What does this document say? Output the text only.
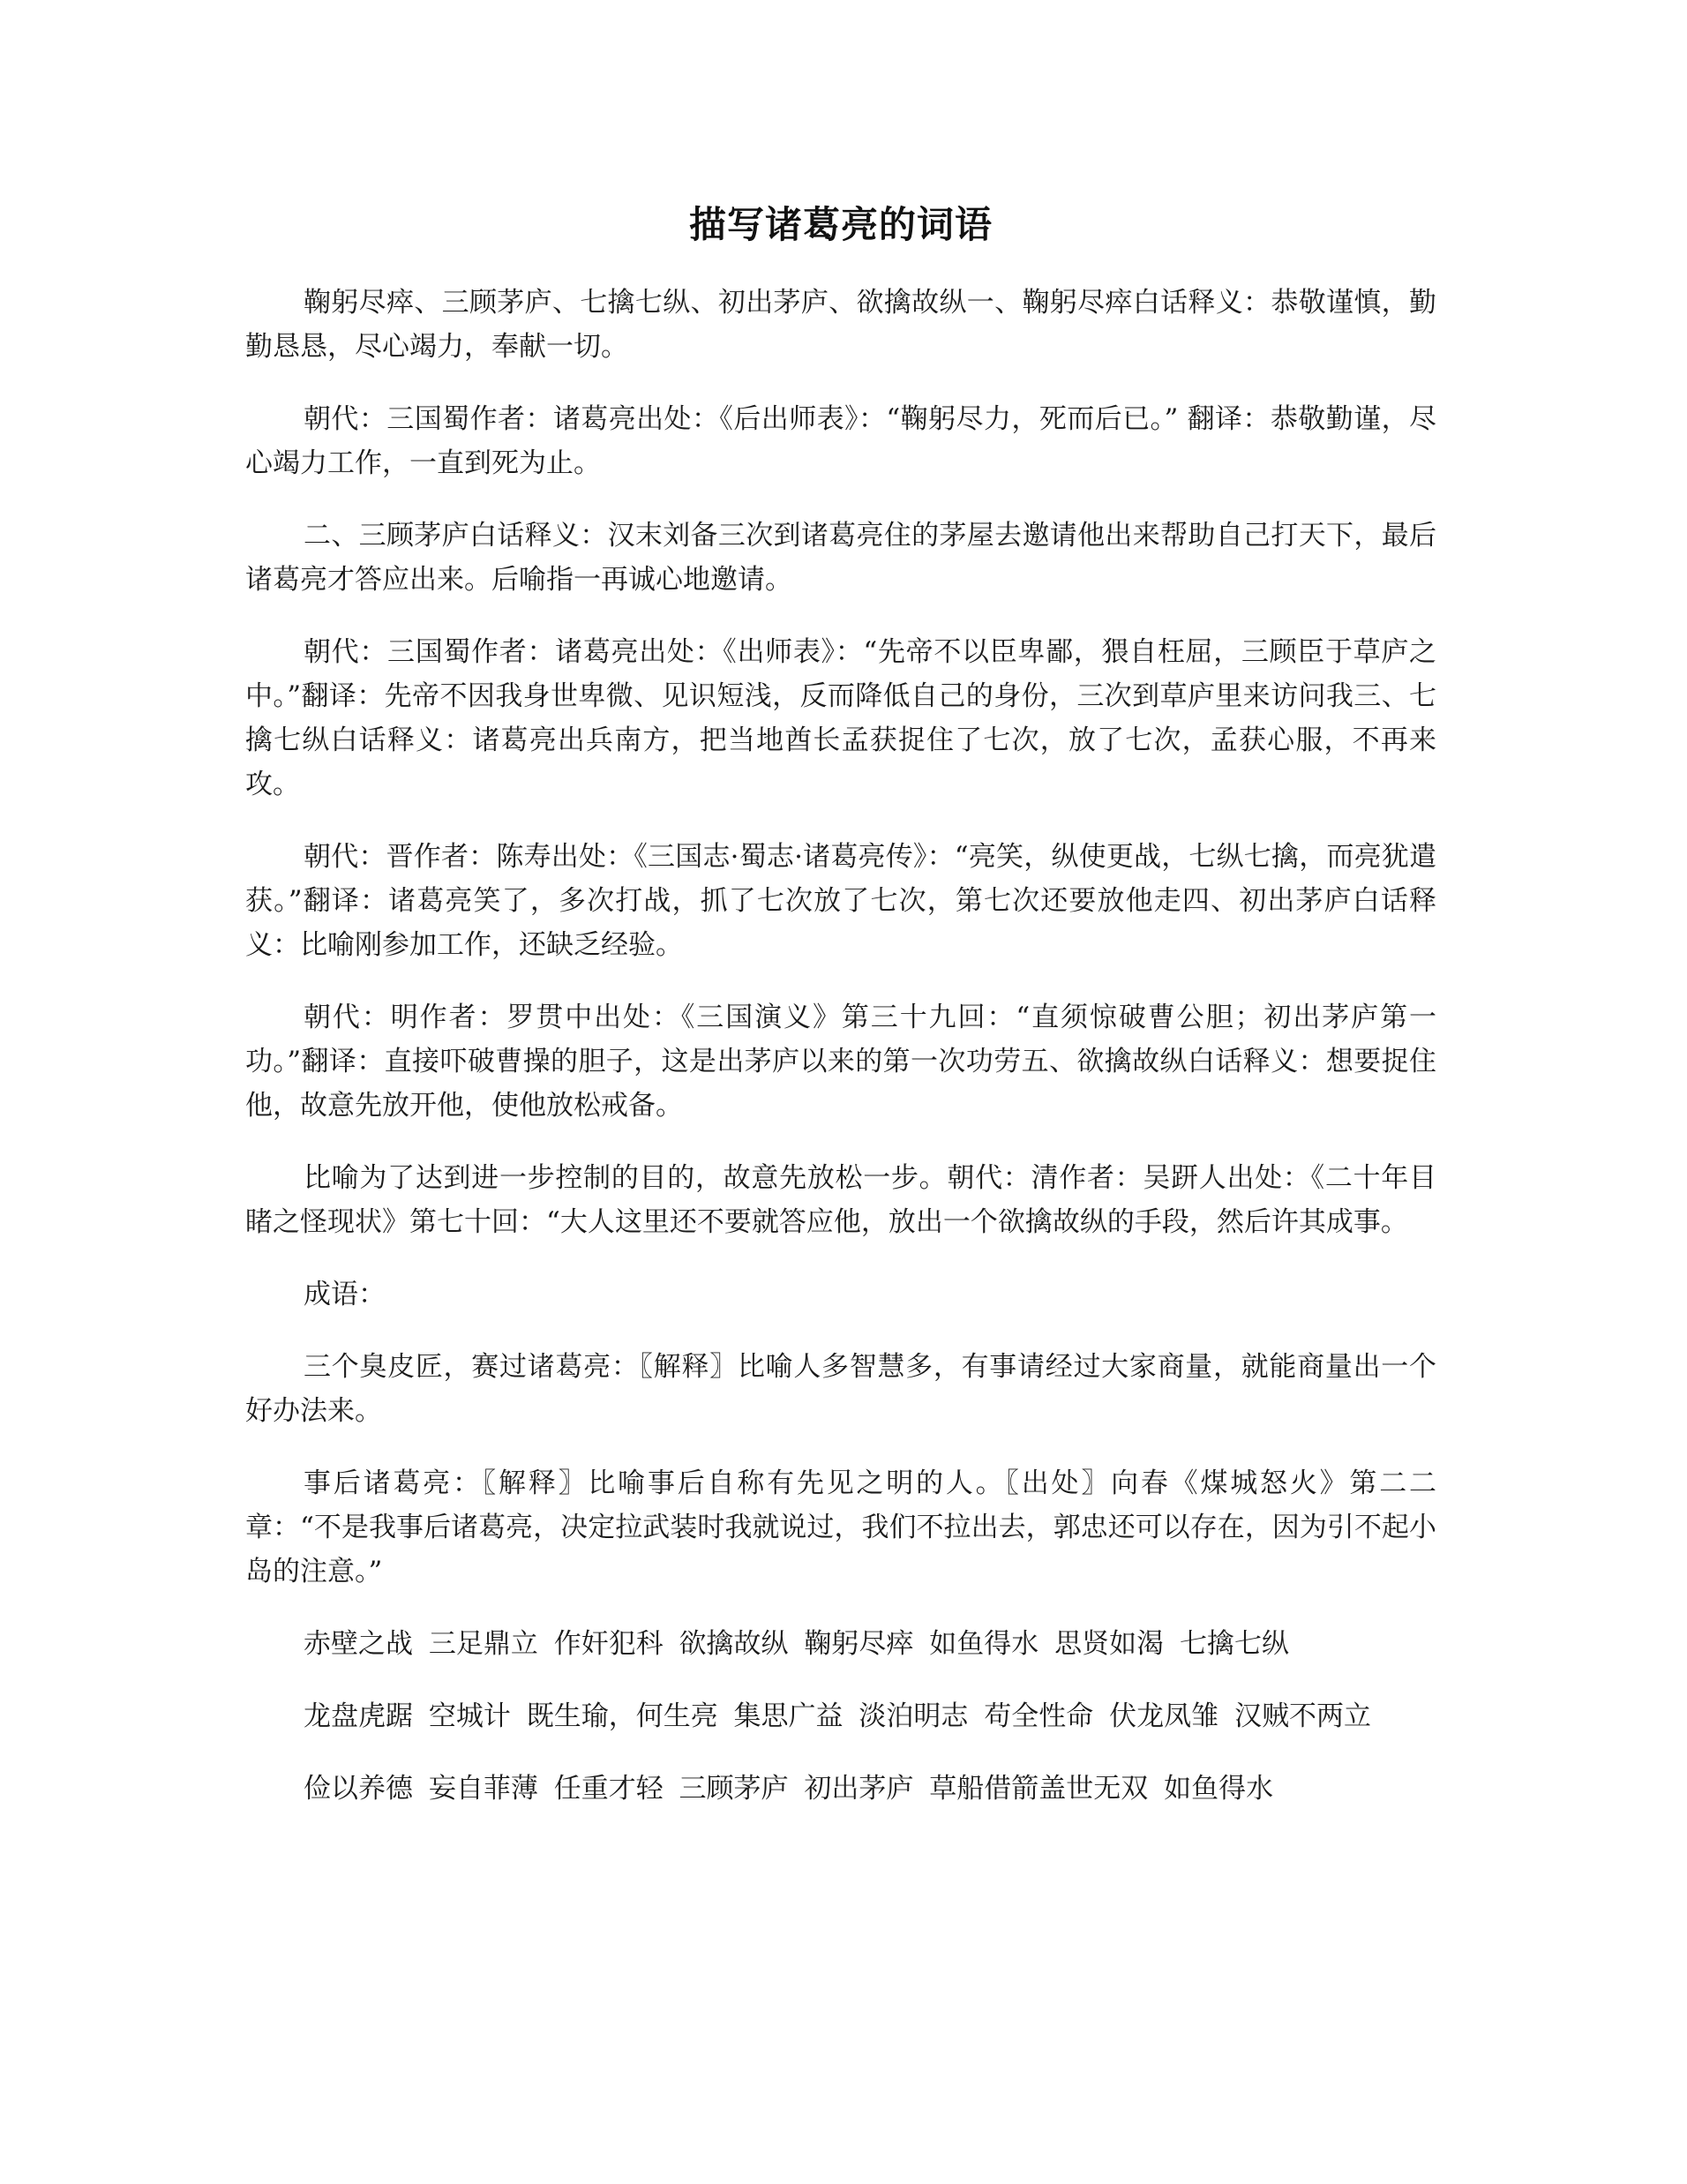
描写诸葛亮的词语

鞠躬尽瘁、三顾茅庐、七擒七纵、初出茅庐、欲擒故纵一、鞠躬尽瘁白话释义：恭敬谨慎，勤勤恳恳，尽心竭力，奉献一切。

朝代：三国蜀作者：诸葛亮出处：《后出师表》：“鞠躬尽力，死而后已。” 翻译：恭敬勤谨，尽心竭力工作，一直到死为止。

二、三顾茅庐白话释义：汉末刘备三次到诸葛亮住的茅屋去邀请他出来帮助自己打天下，最后诸葛亮才答应出来。后喻指一再诚心地邀请。

朝代：三国蜀作者：诸葛亮出处：《出师表》：“先帝不以臣卑鄙，猥自枉屈，三顾臣于草庐之中。”翻译：先帝不因我身世卑微、见识短浅，反而降低自己的身份，三次到草庐里来访问我三、七擒七纵白话释义：诸葛亮出兵南方，把当地酋长孟获捉住了七次，放了七次，孟获心服，不再来攻。

朝代：晋作者：陈寿出处：《三国志·蜀志·诸葛亮传》：“亮笑，纵使更战，七纵七擒，而亮犹遣获。”翻译：诸葛亮笑了，多次打战，抓了七次放了七次，第七次还要放他走四、初出茅庐白话释义：比喻刚参加工作，还缺乏经验。

朝代：明作者：罗贯中出处：《三国演义》第三十九回：“直须惊破曹公胆；初出茅庐第一功。”翻译：直接吓破曹操的胆子，这是出茅庐以来的第一次功劳五、欲擒故纵白话释义：想要捉住他，故意先放开他，使他放松戒备。

比喻为了达到进一步控制的目的，故意先放松一步。朝代：清作者：吴趼人出处：《二十年目睹之怪现状》第七十回：“大人这里还不要就答应他，放出一个欲擒故纵的手段，然后许其成事。

成语：

三个臭皮匠，赛过诸葛亮：〖解释〗比喻人多智慧多，有事请经过大家商量，就能商量出一个好办法来。

事后诸葛亮：〖解释〗比喻事后自称有先见之明的人。〖出处〗向春《煤城怒火》第二二章：“不是我事后诸葛亮，决定拉武装时我就说过，我们不拉出去，郭忠还可以存在，因为引不起小岛的注意。”

赤壁之战 三足鼎立 作奸犯科 欲擒故纵 鞠躬尽瘁 如鱼得水 思贤如渴 七擒七纵

龙盘虎踞 空城计 既生瑜，何生亮 集思广益 淡泊明志 苟全性命 伏龙凤雏 汉贼不两立

俭以养德 妄自菲薄 任重才轻 三顾茅庐 初出茅庐 草船借箭盖世无双 如鱼得水
